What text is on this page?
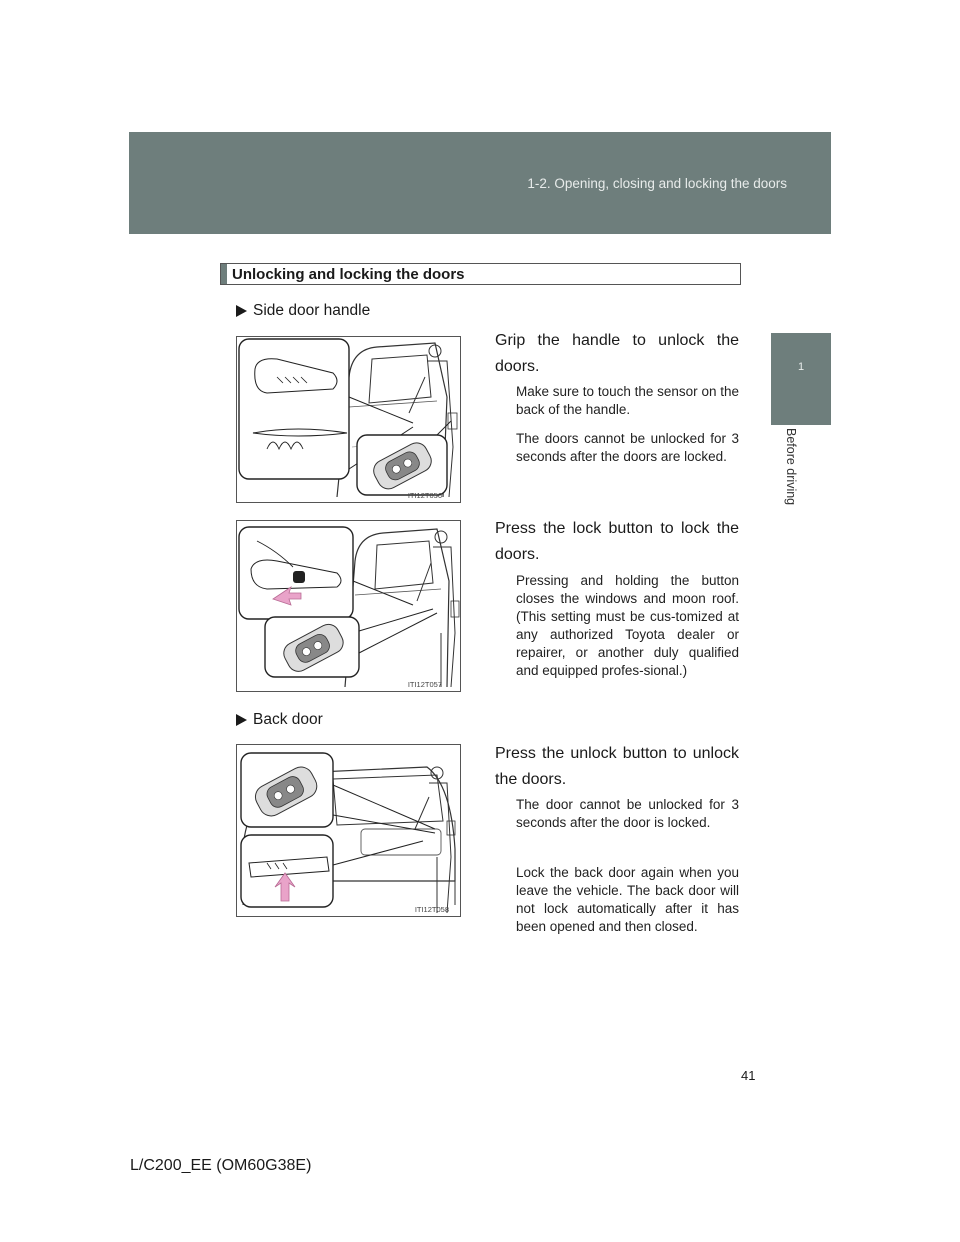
1-2. Opening, closing and locking the doors
1
Before driving
Unlocking and locking the doors
Side door handle
ITI12T056
Grip the handle to unlock the doors.
Make sure to touch the sensor on the back of the handle.
The doors cannot be unlocked for 3 seconds after the doors are locked.
ITI12T057
Press the lock button to lock the doors.
Pressing and holding the button closes the windows and moon roof. (This setting must be cus-tomized at any authorized Toyota dealer or repairer, or another duly qualified and equipped profes-sional.)
Back door
ITI12T058
Press the unlock button to unlock the doors.
The door cannot be unlocked for 3 seconds after the door is locked.
Lock the back door again when you leave the vehicle. The back door will not lock automatically after it has been opened and then closed.
41
L/C200_EE (OM60G38E)
